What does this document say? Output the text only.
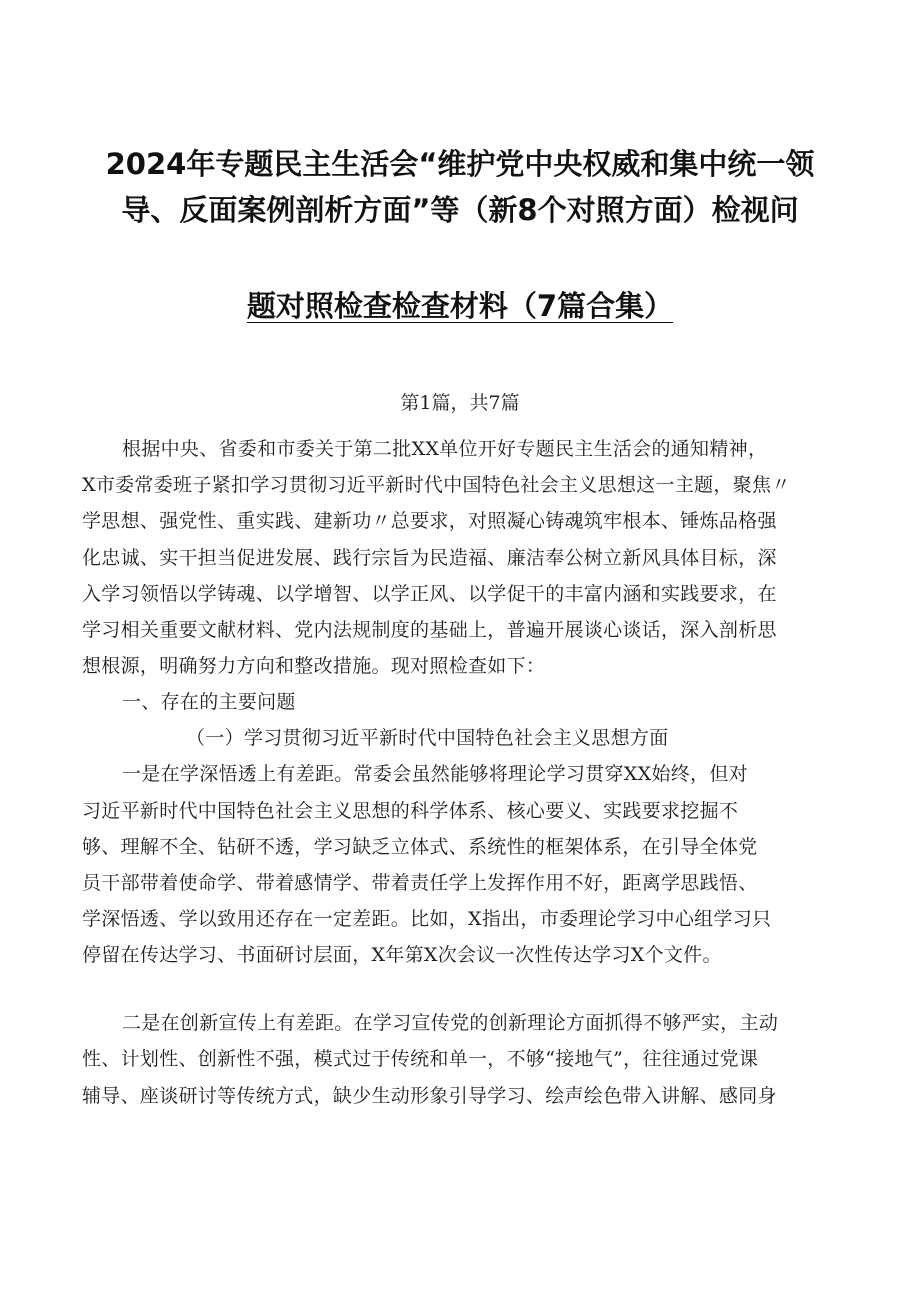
2024年专题民主生活会“维护党中央权威和集中统一领
导、反面案例剖析方面”等（新8个对照方面）检视问
题对照检查检查材料（7篇合集）
第1篇，共7篇
根据中央、省委和市委关于第二批XX单位开好专题民主生活会的通知精神，
X市委常委班子紧扣学习贯彻习近平新时代中国特色社会主义思想这一主题，聚焦〃
学思想、强党性、重实践、建新功〃总要求，对照凝心铸魂筑牢根本、锤炼品格强
化忠诚、实干担当促进发展、践行宗旨为民造福、廉洁奉公树立新风具体目标，深
入学习领悟以学铸魂、以学增智、以学正风、以学促干的丰富内涵和实践要求，在
学习相关重要文献材料、党内法规制度的基础上，普遍开展谈心谈话，深入剖析思
想根源，明确努力方向和整改措施。现对照检查如下：
一、存在的主要问题
（一）学习贯彻习近平新时代中国特色社会主义思想方面
一是在学深悟透上有差距。常委会虽然能够将理论学习贯穿XX始终，但对
习近平新时代中国特色社会主义思想的科学体系、核心要义、实践要求挖掘不
够、理解不全、钻研不透，学习缺乏立体式、系统性的框架体系，在引导全体党
员干部带着使命学、带着感情学、带着责任学上发挥作用不好，距离学思践悟、
学深悟透、学以致用还存在一定差距。比如，X指出，市委理论学习中心组学习只
停留在传达学习、书面研讨层面，X年第X次会议一次性传达学习X个文件。
二是在创新宣传上有差距。在学习宣传党的创新理论方面抓得不够严实，主动
性、计划性、创新性不强，模式过于传统和单一，不够“接地气”，往往通过党课
辅导、座谈研讨等传统方式，缺少生动形象引导学习、绘声绘色带入讲解、感同身
